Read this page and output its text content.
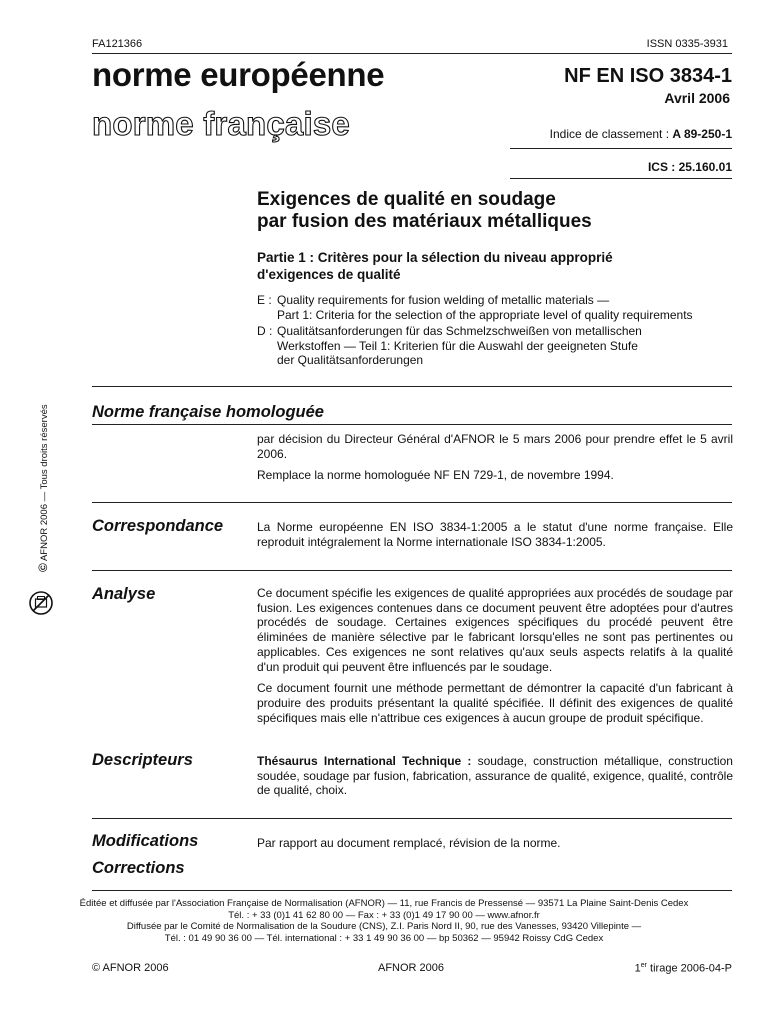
FA121366	ISSN 0335-3931
norme européenne
norme française
NF EN ISO 3834-1
Avril 2006
Indice de classement : A 89-250-1
ICS : 25.160.01
Exigences de qualité en soudage
par fusion des matériaux métalliques
Partie 1 : Critères pour la sélection du niveau approprié
d'exigences de qualité
E : Quality requirements for fusion welding of metallic materials —
Part 1: Criteria for the selection of the appropriate level of quality requirements
D : Qualitätsanforderungen für das Schmelzschweißen von metallischen
Werkstoffen — Teil 1: Kriterien für die Auswahl der geeigneten Stufe
der Qualitätsanforderungen
© AFNOR 2006 — Tous droits réservés	Norme française homologuée

par décision du Directeur Général d'AFNOR le 5 mars 2006 pour prendre effet le 5 avril 2006.

Remplace la norme homologuée NF EN 729-1, de novembre 1994.

Correspondance	La Norme européenne EN ISO 3834-1:2005 a le statut d'une norme française. Elle reproduit intégralement la Norme internationale ISO 3834-1:2005.

Analyse	Ce document spécifie les exigences de qualité appropriées aux procédés de soudage par fusion. Les exigences contenues dans ce document peuvent être adoptées pour d'autres procédés de soudage. Certaines exigences spécifiques du procédé peuvent être éliminées de manière sélective par le fabricant lorsqu'elles ne sont pas pertinentes ou applicables. Ces exigences ne sont relatives qu'aux seuls aspects relatifs à la qualité d'un produit qui peuvent être influencés par le soudage.

Ce document fournit une méthode permettant de démontrer la capacité d'un fabricant à produire des produits présentant la qualité spécifiée. Il définit des exigences de qualité spécifiques mais elle n'attribue ces exigences à aucun groupe de produit spécifique.

Descripteurs	Thésaurus International Technique : soudage, construction métallique, construction soudée, soudage par fusion, fabrication, assurance de qualité, exigence, qualité, contrôle de qualité, choix.

Modifications	Par rapport au document remplacé, révision de la norme.

Corrections
Éditée et diffusée par l'Association Française de Normalisation (AFNOR) — 11, rue Francis de Pressensé — 93571 La Plaine Saint-Denis Cedex
Tél. : + 33 (0)1 41 62 80 00 — Fax : + 33 (0)1 49 17 90 00 — www.afnor.fr
Diffusée par le Comité de Normalisation de la Soudure (CNS), Z.I. Paris Nord II, 90, rue des Vanesses, 93420 Villepinte —
Tél. : 01 49 90 36 00 — Tél. international : + 33 1 49 90 36 00 — bp 50362 — 95942 Roissy CdG Cedex
© AFNOR 2006	AFNOR 2006	1er tirage 2006-04-P
